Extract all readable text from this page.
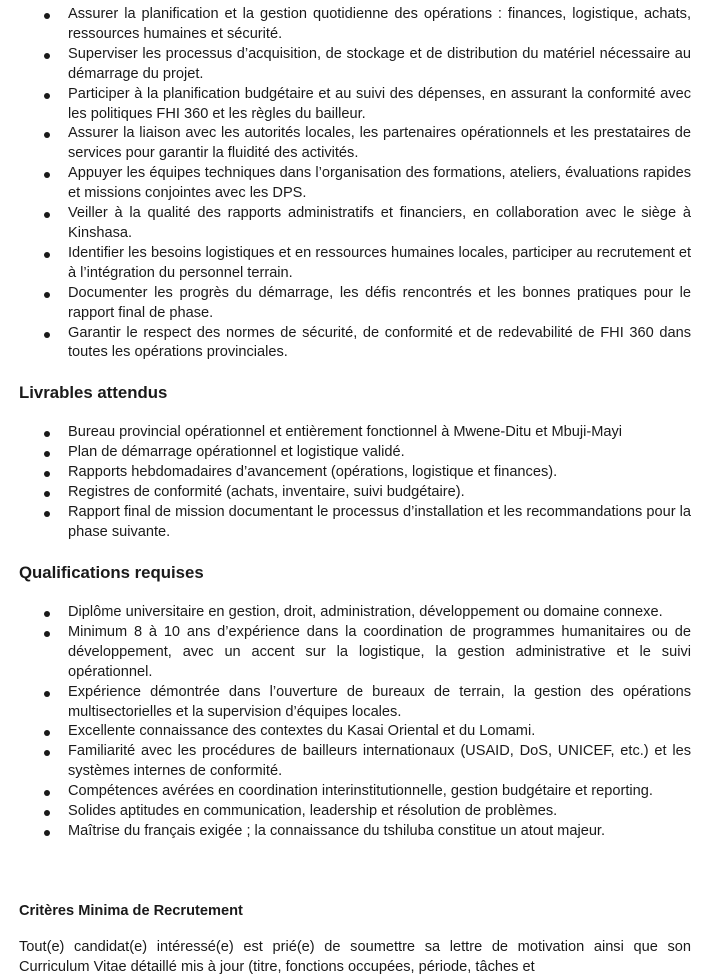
Assurer la planification et la gestion quotidienne des opérations : finances, logistique, achats, ressources humaines et sécurité.
Superviser les processus d’acquisition, de stockage et de distribution du matériel nécessaire au démarrage du projet.
Participer à la planification budgétaire et au suivi des dépenses, en assurant la conformité avec les politiques FHI 360 et les règles du bailleur.
Assurer la liaison avec les autorités locales, les partenaires opérationnels et les prestataires de services pour garantir la fluidité des activités.
Appuyer les équipes techniques dans l’organisation des formations, ateliers, évaluations rapides et missions conjointes avec les DPS.
Veiller à la qualité des rapports administratifs et financiers, en collaboration avec le siège à Kinshasa.
Identifier les besoins logistiques et en ressources humaines locales, participer au recrutement et à l’intégration du personnel terrain.
Documenter les progrès du démarrage, les défis rencontrés et les bonnes pratiques pour le rapport final de phase.
Garantir le respect des normes de sécurité, de conformité et de redevabilité de FHI 360 dans toutes les opérations provinciales.
Livrables attendus
Bureau provincial opérationnel et entièrement fonctionnel à Mwene-Ditu et Mbuji-Mayi
Plan de démarrage opérationnel et logistique validé.
Rapports hebdomadaires d’avancement (opérations, logistique et finances).
Registres de conformité (achats, inventaire, suivi budgétaire).
Rapport final de mission documentant le processus d’installation et les recommandations pour la phase suivante.
Qualifications requises
Diplôme universitaire en gestion, droit, administration, développement ou domaine connexe.
Minimum 8 à 10 ans d’expérience dans la coordination de programmes humanitaires ou de développement, avec un accent sur la logistique, la gestion administrative et le suivi opérationnel.
Expérience démontrée dans l’ouverture de bureaux de terrain, la gestion des opérations multisectorielles et la supervision d’équipes locales.
Excellente connaissance des contextes du Kasai Oriental et du Lomami.
Familiarité avec les procédures de bailleurs internationaux (USAID, DoS, UNICEF, etc.) et les systèmes internes de conformité.
Compétences avérées en coordination interinstitutionnelle, gestion budgétaire et reporting.
Solides aptitudes en communication, leadership et résolution de problèmes.
Maîtrise du français exigée ; la connaissance du tshiluba constitue un atout majeur.
Critères Minima de Recrutement

Tout(e) candidat(e) intéressé(e) est prié(e) de soumettre sa lettre de motivation ainsi que son Curriculum Vitae détaillé mis à jour (titre, fonctions occupées, période, tâches et
